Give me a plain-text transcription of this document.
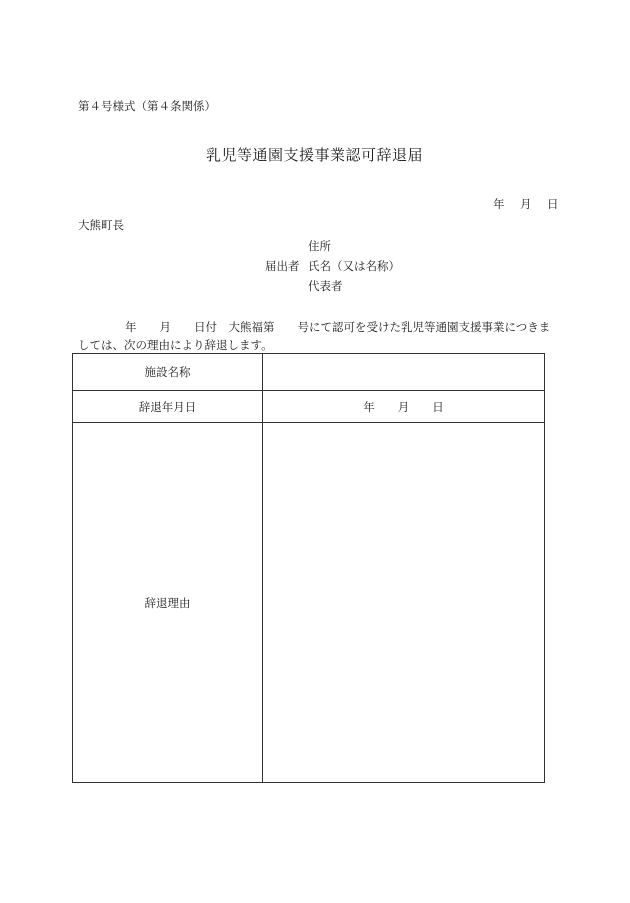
第４号様式（第４条関係）
乳児等通園支援事業認可辞退届
年　月　日
大熊町長
住所
届出者 氏名（又は名称）
代表者
年　　月　　日付　大熊福第　　号にて認可を受けた乳児等通園支援事業につきま
しては、次の理由により辞退します。
施設名称
辞退年月日	年　　月　　日
辞退理由
